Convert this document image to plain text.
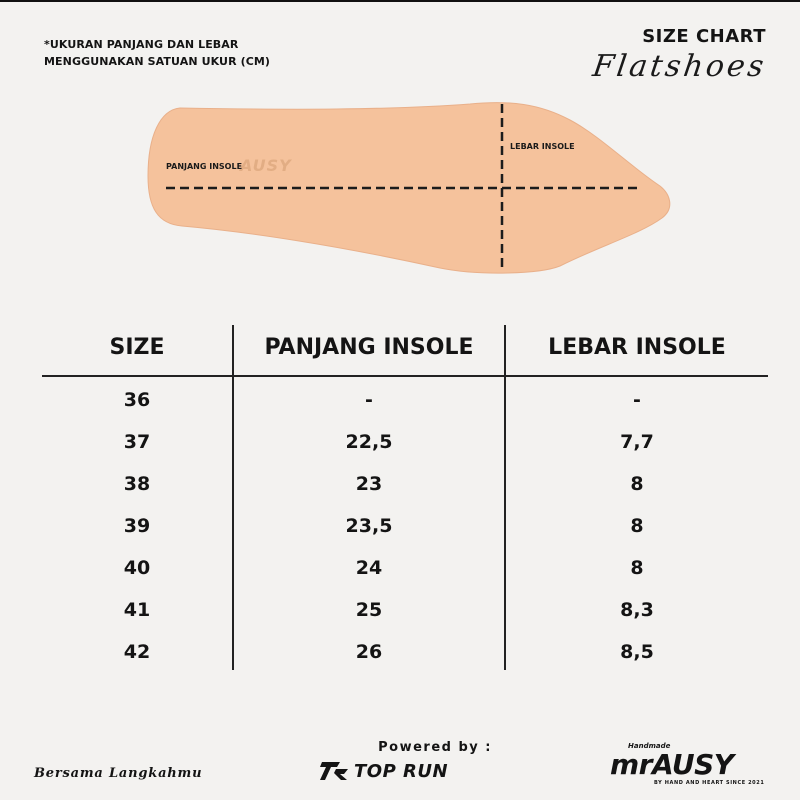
*UKURAN PANJANG DAN LEBAR
MENGGUNAKAN SATUAN UKUR (CM)
SIZE CHART
Flatshoes
AUSY
PANJANG INSOLE
LEBAR INSOLE
SIZE	PANJANG INSOLE	LEBAR INSOLE
36	-	-
37	22,5	7,7
38	23	8
39	23,5	8
40	24	8
41	25	8,3
42	26	8,5
Bersama Langkahmu
Powered by :
TOP RUN
Handmade
mrAUSY
BY HAND AND HEART SINCE 2021
